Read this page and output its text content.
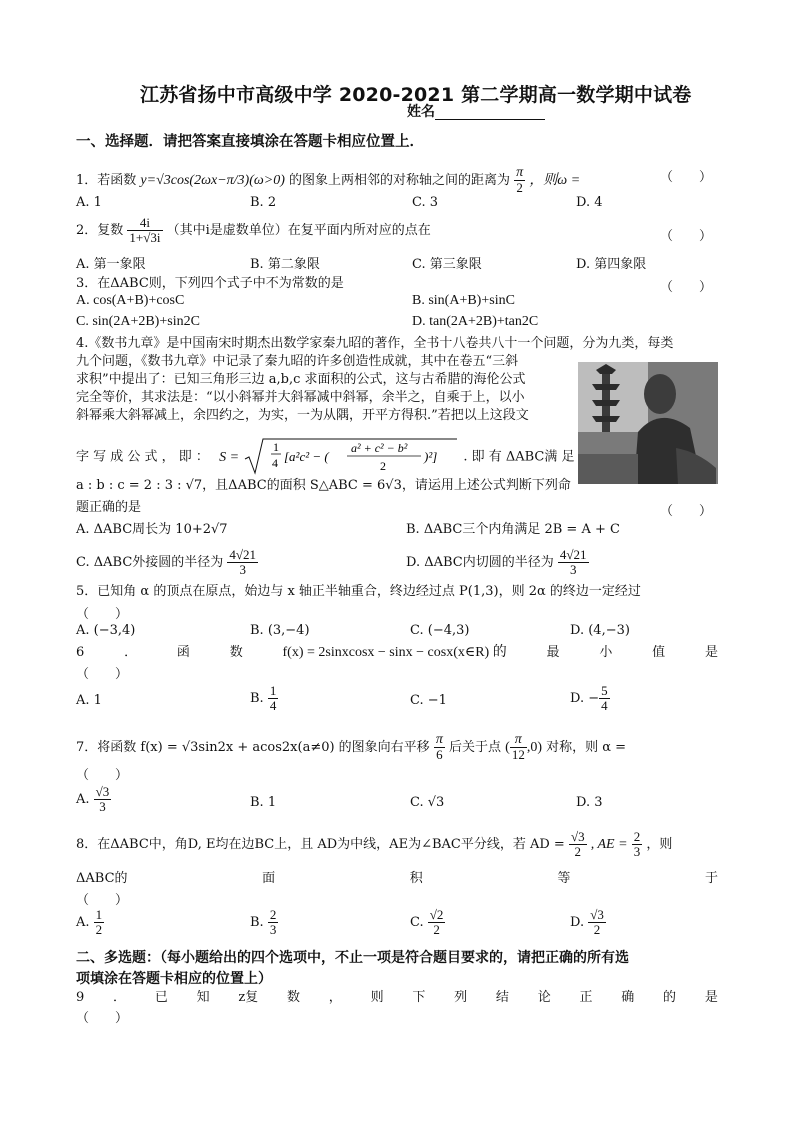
江苏省扬中市高级中学 2020-2021 第二学期高一数学期中试卷
姓名
一、选择题．请把答案直接填涂在答题卡相应位置上．
1．若函数 y=√3cos(2ωx−π/3)(ω>0) 的图象上两相邻的对称轴之间的距离为 $\frac{\pi}{2}$ ，则ω =	（　　）
A. 1	B. 2	C. 3	D. 4
2．复数 $\frac{4i}{1+√3i}$ （其中i是虚数单位）在复平面内所对应的点在	（　　）
A. 第一象限	B. 第二象限	C. 第三象限	D. 第四象限
3．在ΔABC则，下列四个式子中不为常数的是	（　　）
A. cos(A+B)+cosC	B. sin(A+B)+sinC
C. sin(2A+2B)+sin2C	D. tan(2A+2B)+tan2C
4.《数书九章》是中国南宋时期杰出数学家秦九昭的著作，全书十八卷共八十一个问题，分为九类，每类
九个问题，《数书九章》中记录了秦九昭的许多创造性成就，其中在卷五“三斜
求积”中提出了：已知三角形三边 a,b,c 求面积的公式，这与古希腊的海伦公式
完全等价，其求法是：“以小斜幂并大斜幂减中斜幂，余半之，自乘于上，以小
斜幂乘大斜幂减上，余四约之，为实，一为从隅，开平方得积.”若把以上这段文
字 写 成 公 式 ， 即 ： S =
1
4 [a²c² − (
a² + c² − b²
2
)²] . 即 有 ΔABC满 足
a : b : c = 2 : 3 : √7，且ΔABC的面积 S△ABC = 6√3，请运用上述公式判断下列命
题正确的是	（　　）
A. ΔABC周长为 10+2√7	B. ΔABC三个内角满足 2B = A + C
C. ΔABC外接圆的半径为 $\frac{4√21}{3}$	D. ΔABC内切圆的半径为 $\frac{4√21}{3}$
5．已知角 α 的顶点在原点，始边与 x 轴正半轴重合，终边经过点 P(1,3)，则 2α 的终边一定经过
（　　）
A. (−3,4)	B. (3,−4)	C. (−4,3)	D. (4,−3)
6	．	函	数	f(x) = 2sinxcosx − sinx − cosx(x∈R) 的	最	小	值	是
（　　）
A. 1	B. $\frac{1}{4}$	C. −1	D. − $\frac{5}{4}$
7．将函数 f(x) = √3sin2x + acos2x(a≠0) 的图象向右平移 $\frac{\pi}{6}$ 后关于点 ( $\frac{\pi}{12} ,0$) 对称，则 α =
（　　）
A. $\frac{√3}{3}$	B. 1	C. √3	D. 3
8．在ΔABC中，角D, E均在边BC上，且 AD为中线，AE为∠BAC平分线，若 AD = $\frac{√3}{2}$ , AE = $\frac{2}{3}$ ，则
ΔABC的	面	积	等	于
（　　）
A. $\frac{1}{2}$	B. $\frac{2}{3}$	C. $\frac{√2}{2}$	D. $\frac{√3}{2}$
二、多选题：（每小题给出的四个选项中，不止一项是符合题目要求的，请把正确的所有选
项填涂在答题卡相应的位置上）
9 ． 已 知 z复 数 ， 则 下 列 结 论 正 确 的 是
（　　）
